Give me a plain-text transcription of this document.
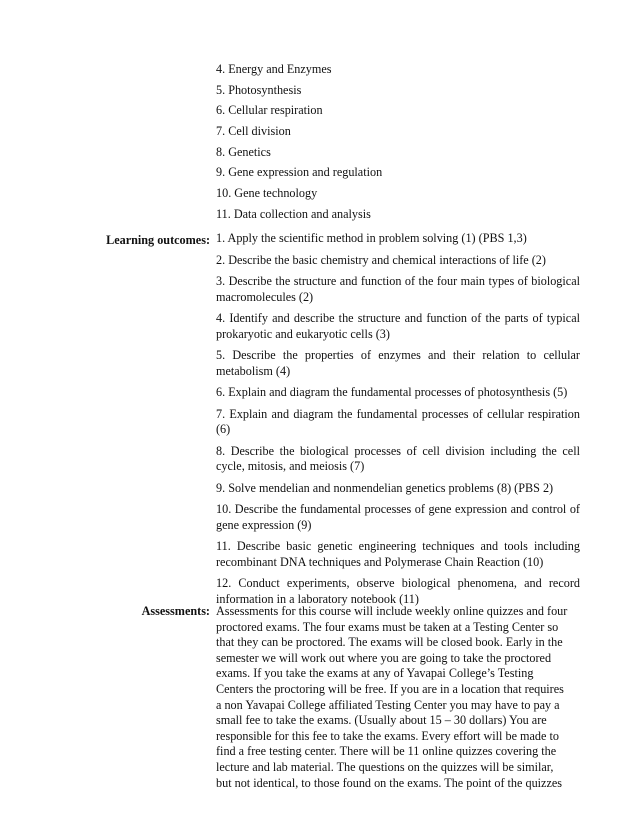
4. Energy and Enzymes
5. Photosynthesis
6. Cellular respiration
7. Cell division
8. Genetics
9. Gene expression and regulation
10. Gene technology
11. Data collection and analysis
Learning outcomes: 1. Apply the scientific method in problem solving (1) (PBS 1,3)
2. Describe the basic chemistry and chemical interactions of life (2)
3. Describe the structure and function of the four main types of biological macromolecules (2)
4. Identify and describe the structure and function of the parts of typical prokaryotic and eukaryotic cells (3)
5. Describe the properties of enzymes and their relation to cellular metabolism (4)
6. Explain and diagram the fundamental processes of photosynthesis (5)
7. Explain and diagram the fundamental processes of cellular respiration (6)
8. Describe the biological processes of cell division including the cell cycle, mitosis, and meiosis (7)
9. Solve mendelian and nonmendelian genetics problems (8) (PBS 2)
10. Describe the fundamental processes of gene expression and control of gene expression (9)
11. Describe basic genetic engineering techniques and tools including recombinant DNA techniques and Polymerase Chain Reaction (10)
12. Conduct experiments, observe biological phenomena, and record information in a laboratory notebook (11)
Assessments: Assessments for this course will include weekly online quizzes and four
proctored exams. The four exams must be taken at a Testing Center so
that they can be proctored. The exams will be closed book. Early in the
semester we will work out where you are going to take the proctored
exams. If you take the exams at any of Yavapai College’s Testing
Centers the proctoring will be free. If you are in a location that requires
a non Yavapai College affiliated Testing Center you may have to pay a
small fee to take the exams. (Usually about 15 – 30 dollars) You are
responsible for this fee to take the exams. Every effort will be made to
find a free testing center. There will be 11 online quizzes covering the
lecture and lab material. The questions on the quizzes will be similar,
but not identical, to those found on the exams. The point of the quizzes
